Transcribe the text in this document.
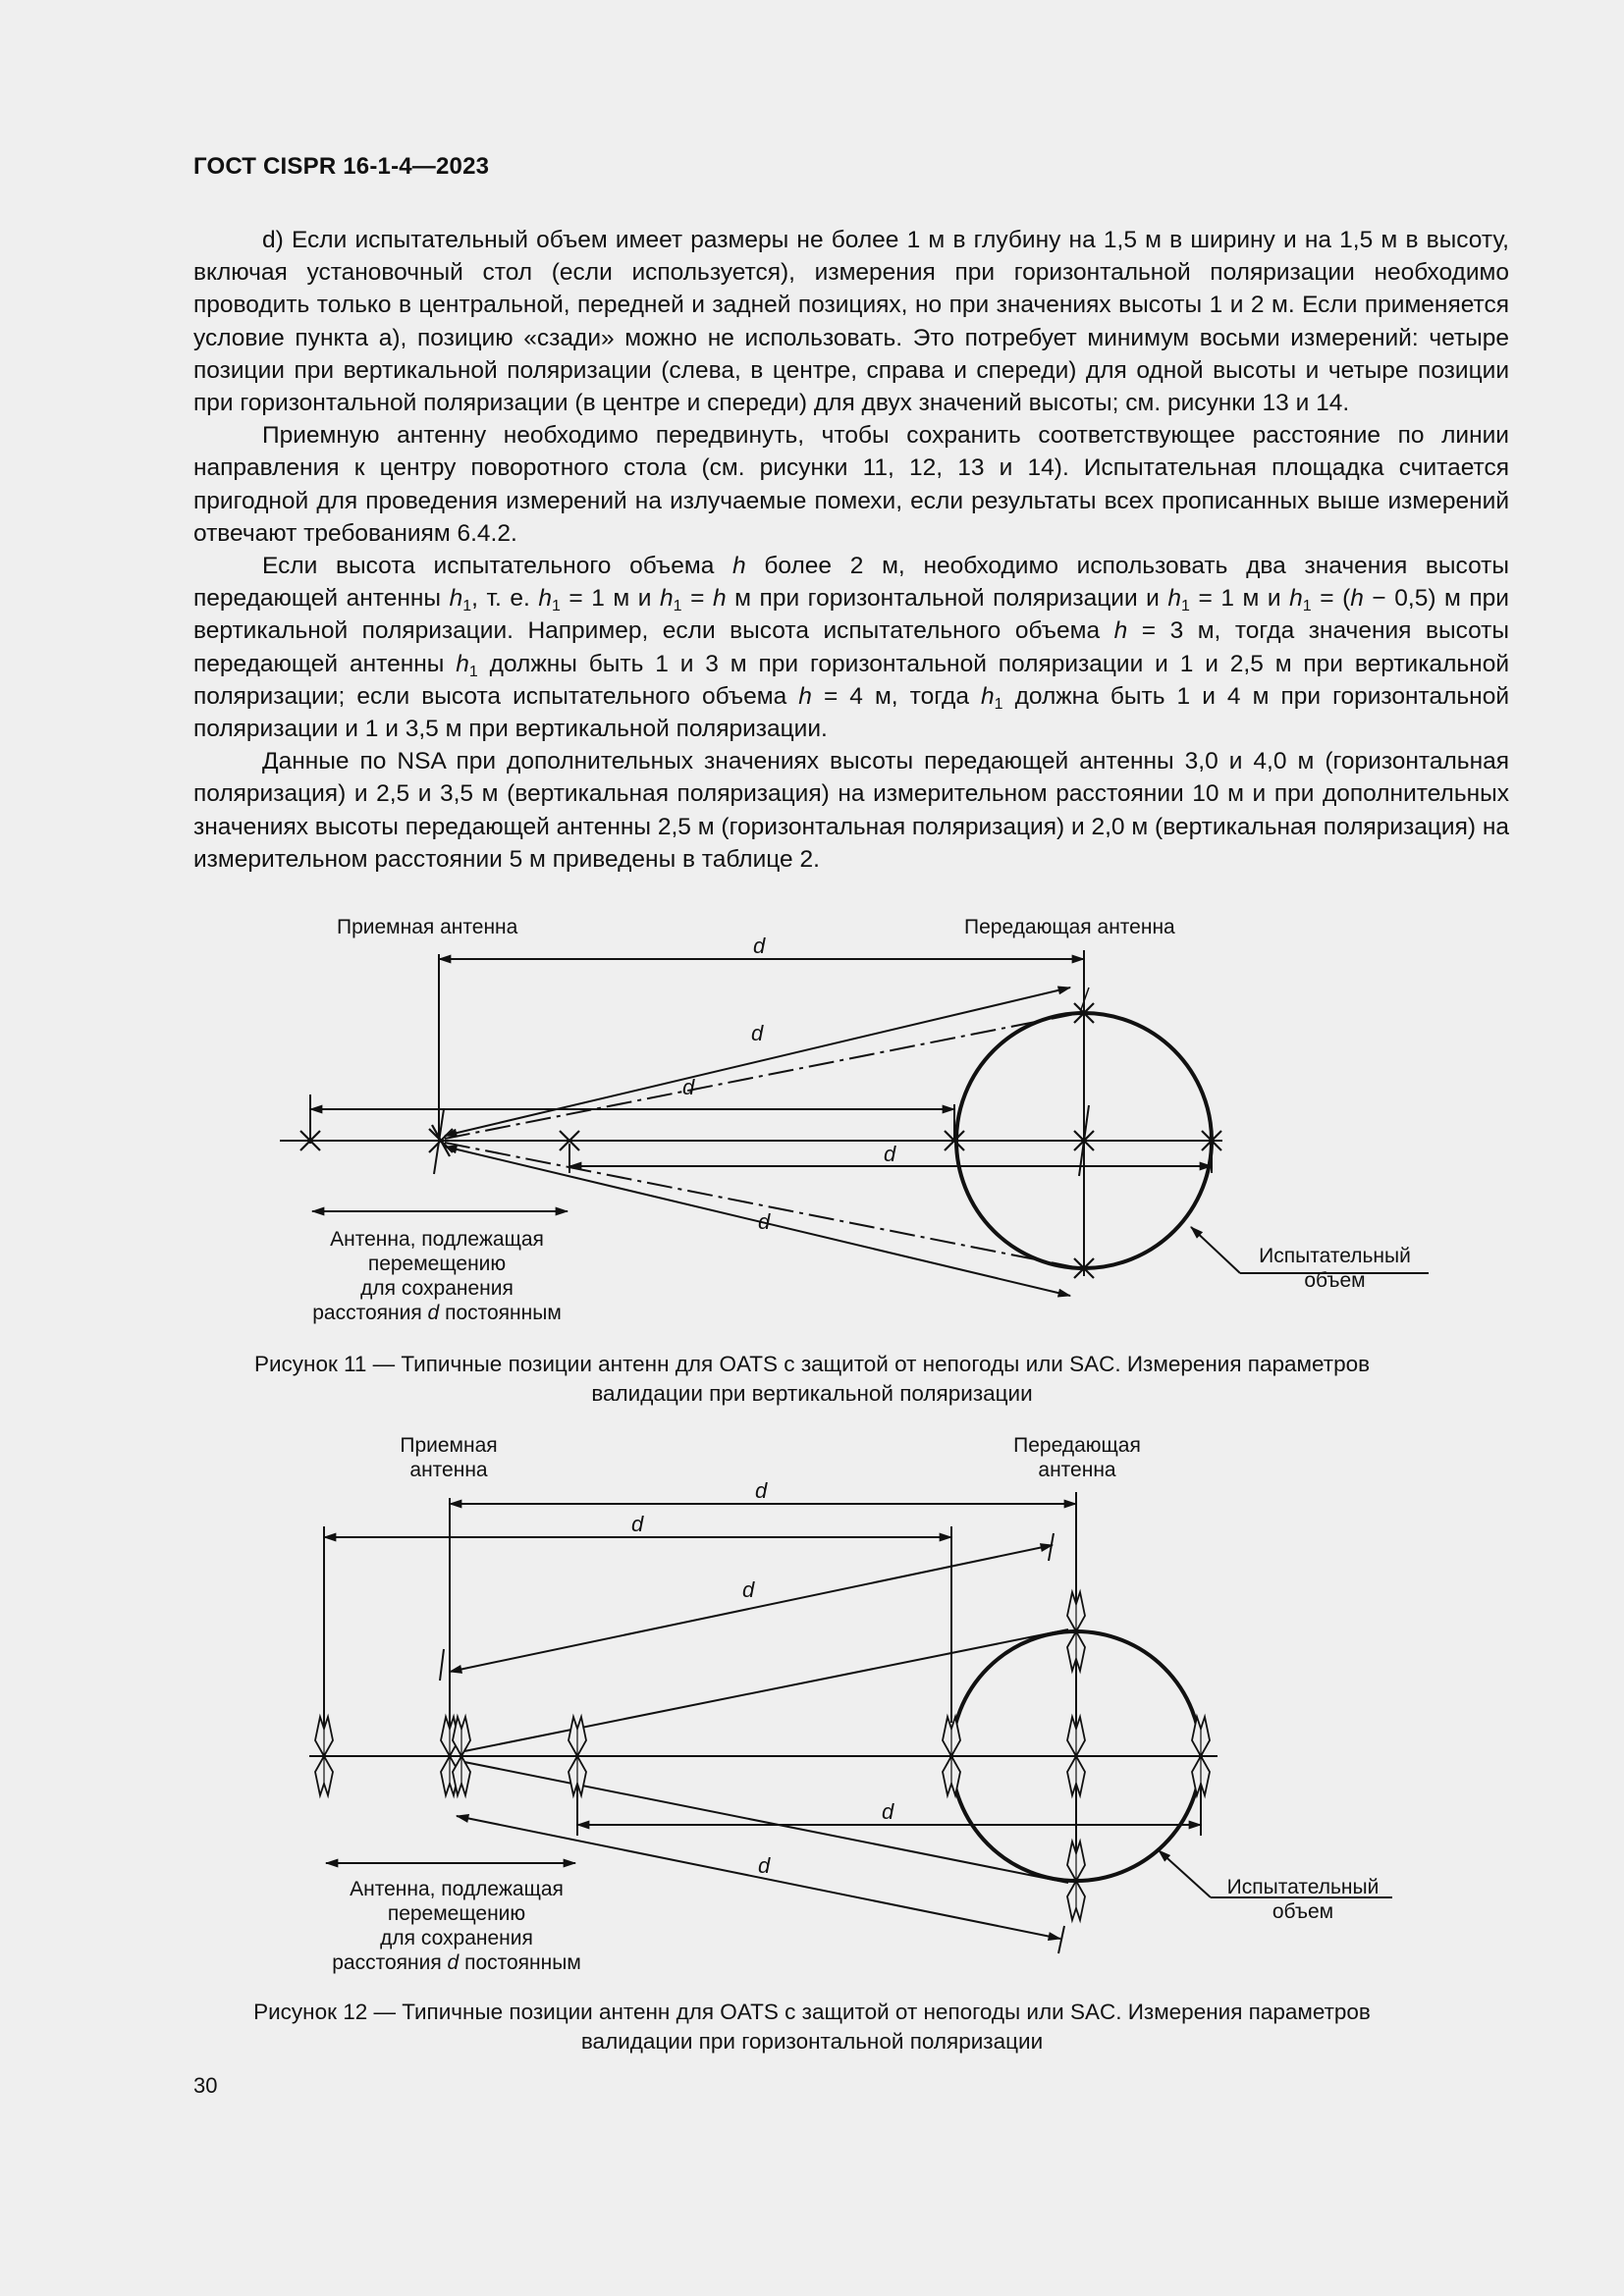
ГОСТ CISPR 16-1-4—2023

d) Если испытательный объем имеет размеры не более 1 м в глубину на 1,5 м в ширину и на 1,5 м в высоту, включая установочный стол (если используется), измерения при горизонтальной поляризации необходимо проводить только в центральной, передней и задней позициях, но при значениях высоты 1 и 2 м. Если применяется условие пункта а), позицию «сзади» можно не использовать. Это потребует минимум восьми измерений: четыре позиции при вертикальной поляризации (слева, в центре, справа и спереди) для одной высоты и четыре позиции при горизонтальной поляризации (в центре и спереди) для двух значений высоты; см. рисунки 13 и 14.

Приемную антенну необходимо передвинуть, чтобы сохранить соответствующее расстояние по линии направления к центру поворотного стола (см. рисунки 11, 12, 13 и 14). Испытательная площадка считается пригодной для проведения измерений на излучаемые помехи, если результаты всех прописанных выше измерений отвечают требованиям 6.4.2.

Если высота испытательного объема h более 2 м, необходимо использовать два значения высоты передающей антенны $h_1$, т. е. $h_1 = 1$ м и $h_1 = h$ м при горизонтальной поляризации и $h_1 = 1$ м и $h_1 = (h - 0,5)$ м при вертикальной поляризации. Например, если высота испытательного объема h = 3 м, тогда значения высоты передающей антенны $h_1$ должны быть 1 и 3 м при горизонтальной поляризации и 1 и 2,5 м при вертикальной поляризации; если высота испытательного объема h = 4 м, тогда $h_1$ должна быть 1 и 4 м при горизонтальной поляризации и 1 и 3,5 м при вертикальной поляризации.

Данные по NSA при дополнительных значениях высоты передающей антенны 3,0 и 4,0 м (горизонтальная поляризация) и 2,5 и 3,5 м (вертикальная поляризация) на измерительном расстоянии 10 м и при дополнительных значениях высоты передающей антенны 2,5 м (горизонтальная поляризация) и 2,0 м (вертикальная поляризация) на измерительном расстоянии 5 м приведены в таблице 2.

Приемная антенна	Передающая антенна
d
d
d
d
d
Антенна, подлежащая
перемещению
для сохранения
расстояния d постоянным
Испытательный
объем
Рисунок 11 — Типичные позиции антенн для OATS с защитой от непогоды или SAC. Измерения параметров
валидации при вертикальной поляризации
Приемная
антенна
Передающая
антенна
d
d
d
d
d
Антенна, подлежащая
перемещению
для сохранения
расстояния d постоянным
Испытательный
объем
Рисунок 12 — Типичные позиции антенн для OATS с защитой от непогоды или SAC. Измерения параметров
валидации при горизонтальной поляризации
30
